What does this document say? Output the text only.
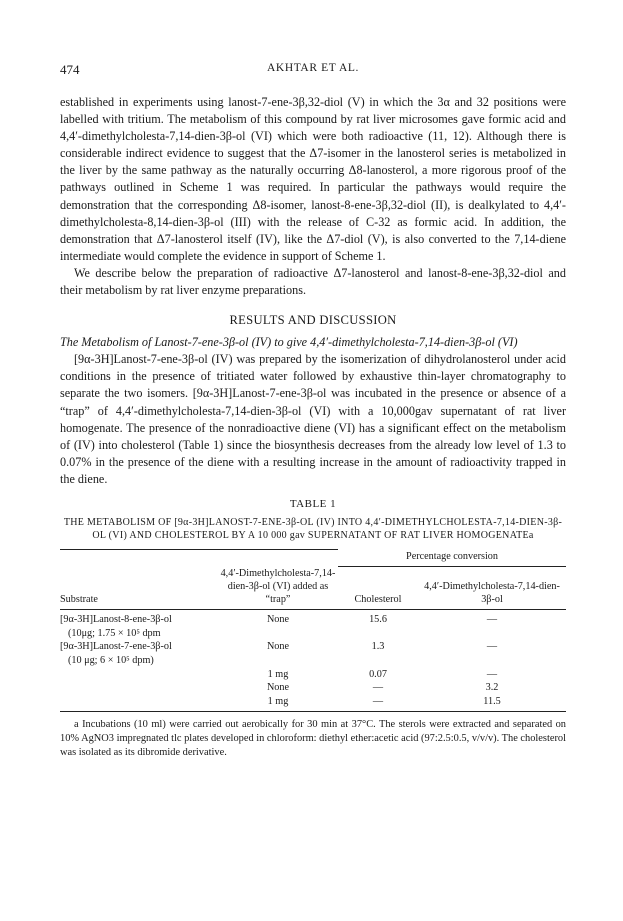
474	AKHTAR ET AL.

established in experiments using lanost-7-ene-3β,32-diol (V) in which the 3α and 32 positions were labelled with tritium. The metabolism of this compound by rat liver microsomes gave formic acid and 4,4′-dimethylcholesta-7,14-dien-3β-ol (VI) which were both radioactive (11, 12). Although there is considerable indirect evidence to suggest that the Δ7-isomer in the lanosterol series is metabolized in the liver by the same pathway as the naturally occurring Δ8-lanosterol, a more rigorous proof of the pathways outlined in Scheme 1 was required. In particular the pathways would require the demonstration that the corresponding Δ8-isomer, lanost-8-ene-3β,32-diol (II), is dealkylated to 4,4′-dimethylcholesta-8,14-dien-3β-ol (III) with the release of C-32 as formic acid. In addition, the demonstration that Δ7-lanosterol itself (IV), like the Δ7-diol (V), is also converted to the 7,14-diene intermediate would complete the evidence in support of Scheme 1.

We describe below the preparation of radioactive Δ7-lanosterol and lanost-8-ene-3β,32-diol and their metabolism by rat liver enzyme preparations.

RESULTS AND DISCUSSION

The Metabolism of Lanost-7-ene-3β-ol (IV) to give 4,4′-dimethylcholesta-7,14-dien-3β-ol (VI)

[9α-3H]Lanost-7-ene-3β-ol (IV) was prepared by the isomerization of dihydrolanosterol under acid conditions in the presence of tritiated water followed by exhaustive thin-layer chromatography to separate the two isomers. [9α-3H]Lanost-7-ene-3β-ol was incubated in the presence or absence of a “trap” of 4,4′-dimethylcholesta-7,14-dien-3β-ol (VI) with a 10,000gav supernatant of rat liver homogenate. The presence of the nonradioactive diene (VI) has a significant effect on the metabolism of (IV) into cholesterol (Table 1) since the biosynthesis decreases from the already low level of 1.3 to 0.07% in the presence of the diene with a resulting increase in the amount of radioactivity trapped in the diene.

TABLE 1
THE METABOLISM OF [9α-3H]LANOST-7-ENE-3β-OL (IV) INTO 4,4′-DIMETHYLCHOLESTA-7,14-DIEN-3β-OL (VI) AND CHOLESTEROL BY A 10 000 gav SUPERNATANT OF RAT LIVER HOMOGENATEa
		Percentage conversion	
Substrate	4,4′-Dimethylcholesta-7,14-dien-3β-ol (VI) added as “trap”	Cholesterol	4,4′-Dimethylcholesta-7,14-dien-3β-ol
[9α-3H]Lanost-8-ene-3β-ol	None	15.6	—
(10μg; 1.75 × 10⁵ dpm			
[9α-3H]Lanost-7-ene-3β-ol	None	1.3	—
(10 μg; 6 × 10⁵ dpm)			
	1 mg	0.07	—
	None	—	3.2
	1 mg	—	11.5
a Incubations (10 ml) were carried out aerobically for 30 min at 37°C. The sterols were extracted and separated on 10% AgNO3 impregnated tlc plates developed in chloroform: diethyl ether:acetic acid (97:2.5:0.5, v/v/v). The cholesterol was isolated as its dibromide derivative.
